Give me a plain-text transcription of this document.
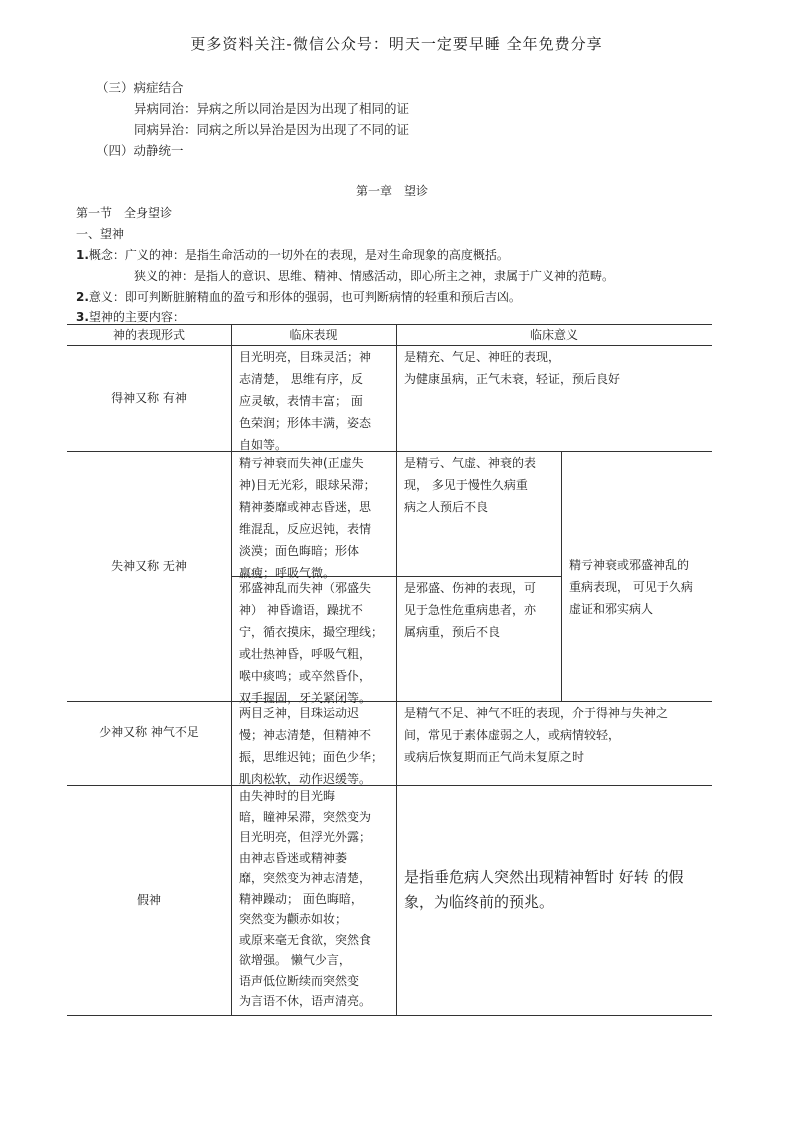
更多资料关注-微信公众号：明天一定要早睡 全年免费分享
（三）病症结合
异病同治：异病之所以同治是因为出现了相同的证
同病异治：同病之所以异治是因为出现了不同的证
（四）动静统一
第一章　望诊
第一节　全身望诊
一、望神
1.概念：广义的神：是指生命活动的一切外在的表现，是对生命现象的高度概括。
狭义的神：是指人的意识、思维、精神、情感活动，即心所主之神，隶属于广义神的范畴。
2.意义：即可判断脏腑精血的盈亏和形体的强弱，也可判断病情的轻重和预后吉凶。
3.望神的主要内容：
神的表现形式	临床表现	临床意义
得神又称 有神
目光明亮，目珠灵活；神
志清楚， 思维有序，反
应灵敏，表情丰富； 面
色荣润；形体丰满，姿态
自如等。
是精充、气足、神旺的表现，
为健康虽病，正气未衰，轻证，预后良好
失神又称 无神
精亏神衰而失神(正虚失
神)目无光彩，眼球呆滞；
精神萎靡或神志昏迷，思
维混乱，反应迟钝，表情
淡漠；面色晦暗；形体
羸瘦；呼吸气微。
是精亏、气虚、神衰的表
现， 多见于慢性久病重
病之人预后不良
邪盛神乱而失神（邪盛失
神） 神昏谵语，躁扰不
宁，循衣摸床，撮空理线；
或壮热神昏，呼吸气粗，
喉中痰鸣；或卒然昏仆，
双手握固，牙关紧闭等。
是邪盛、伤神的表现，可
见于急性危重病患者，亦
属病重，预后不良
精亏神衰或邪盛神乱的
重病表现， 可见于久病
虚证和邪实病人
少神又称 神气不足
两目乏神，目珠运动迟
慢；神志清楚，但精神不
振，思维迟钝；面色少华；
肌肉松软，动作迟缓等。
是精气不足、神气不旺的表现，介于得神与失神之
间，常见于素体虚弱之人，或病情较轻，
或病后恢复期而正气尚未复原之时
假神
由失神时的目光晦
暗，瞳神呆滞，突然变为
目光明亮，但浮光外露；
由神志昏迷或精神萎
靡，突然变为神志清楚，
精神躁动； 面色晦暗，
突然变为颧赤如妆；
或原来毫无食欲，突然食
欲增强。 懒气少言，
语声低位断续而突然变
为言语不休，语声清亮。
是指垂危病人突然出现精神暂时 好转 的假
象，为临终前的预兆。
